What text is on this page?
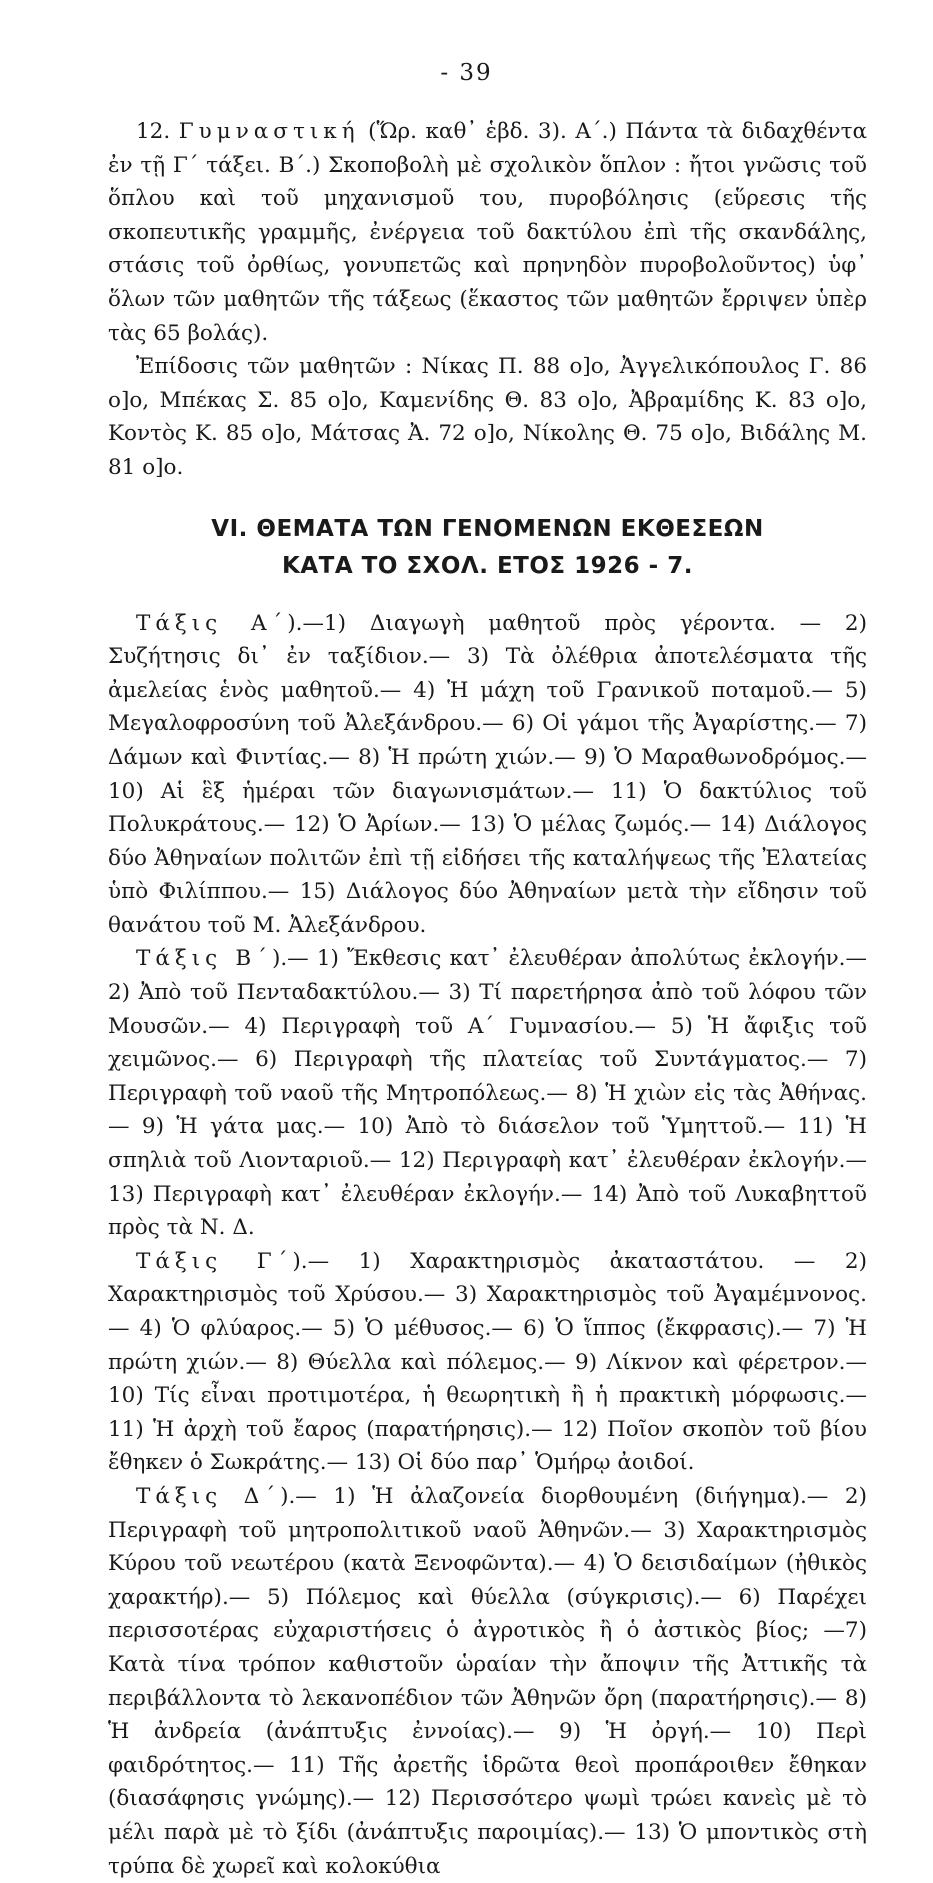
- 39

12. Γυμναστική (Ὥρ. καθ᾽ ἑβδ. 3). Α΄.) Πάντα τὰ διδαχθέντα ἐν τῇ Γ΄ τάξει. Β΄.) Σκοποβολὴ μὲ σχολικὸν ὅπλον : ἤτοι γνῶσις τοῦ ὅπλου καὶ τοῦ μηχανισμοῦ του, πυροβόλησις (εὕρεσις τῆς σκοπευτικῆς γραμμῆς, ἐνέργεια τοῦ δακτύλου ἐπὶ τῆς σκανδάλης, στάσις τοῦ ὀρθίως, γονυπετῶς καὶ πρηνηδὸν πυροβολοῦντος) ὑφ᾽ ὅλων τῶν μαθητῶν τῆς τάξεως (ἕκαστος τῶν μαθητῶν ἔρριψεν ὑπὲρ τὰς 65 βολάς).

Ἐπίδοσις τῶν μαθητῶν : Νίκας Π. 88 ο]ο, Ἀγγελικόπουλος Γ. 86 ο]ο, Μπέκας Σ. 85 ο]ο, Καμενίδης Θ. 83 ο]ο, Ἀβραμίδης Κ. 83 ο]ο, Κοντὸς Κ. 85 ο]ο, Μάτσας Ἀ. 72 ο]ο, Νίκολης Θ. 75 ο]ο, Βιδάλης Μ. 81 ο]ο.

VI. ΘΕΜΑΤΑ ΤΩΝ ΓΕΝΟΜΕΝΩΝ ΕΚΘΕΣΕΩΝ
ΚΑΤΑ ΤΟ ΣΧΟΛ. ΕΤΟΣ 1926 - 7.

Τάξις Α΄).—1) Διαγωγὴ μαθητοῦ πρὸς γέροντα. — 2) Συζήτησις δι᾽ ἐν ταξίδιον.— 3) Τὰ ὀλέθρια ἀποτελέσματα τῆς ἀμελείας ἑνὸς μαθητοῦ.— 4) Ἡ μάχη τοῦ Γρανικοῦ ποταμοῦ.— 5) Μεγαλοφροσύνη τοῦ Ἀλεξάνδρου.— 6) Οἱ γάμοι τῆς Ἀγαρίστης.— 7) Δάμων καὶ Φιντίας.— 8) Ἡ πρώτη χιών.— 9) Ὁ Μαραθωνοδρόμος.— 10) Αἱ ἓξ ἡμέραι τῶν διαγωνισμάτων.— 11) Ὁ δακτύλιος τοῦ Πολυκράτους.— 12) Ὁ Ἀρίων.— 13) Ὁ μέλας ζωμός.— 14) Διάλογος δύο Ἀθηναίων πολιτῶν ἐπὶ τῇ εἰδήσει τῆς καταλήψεως τῆς Ἐλατείας ὑπὸ Φιλίππου.— 15) Διάλογος δύο Ἀθηναίων μετὰ τὴν εἴδησιν τοῦ θανάτου τοῦ Μ. Ἀλεξάνδρου.

Τάξις Β΄).— 1) Ἔκθεσις κατ᾽ ἐλευθέραν ἀπολύτως ἐκλογήν.— 2) Ἀπὸ τοῦ Πενταδακτύλου.— 3) Τί παρετήρησα ἀπὸ τοῦ λόφου τῶν Μουσῶν.— 4) Περιγραφὴ τοῦ Α΄ Γυμνασίου.— 5) Ἡ ἄφιξις τοῦ χειμῶνος.— 6) Περιγραφὴ τῆς πλατείας τοῦ Συντάγματος.— 7) Περιγραφὴ τοῦ ναοῦ τῆς Μητροπόλεως.— 8) Ἡ χιὼν εἰς τὰς Ἀθήνας.— 9) Ἡ γάτα μας.— 10) Ἀπὸ τὸ διάσελον τοῦ Ὑμηττοῦ.— 11) Ἡ σπηλιὰ τοῦ Λιονταριοῦ.— 12) Περιγραφὴ κατ᾽ ἐλευθέραν ἐκλογήν.— 13) Περιγραφὴ κατ᾽ ἐλευθέραν ἐκλογήν.— 14) Ἀπὸ τοῦ Λυκαβηττοῦ πρὸς τὰ Ν. Δ.

Τάξις Γ΄).— 1) Χαρακτηρισμὸς ἀκαταστάτου. — 2) Χαρακτηρισμὸς τοῦ Χρύσου.— 3) Χαρακτηρισμὸς τοῦ Ἀγαμέμνονος.— 4) Ὁ φλύαρος.— 5) Ὁ μέθυσος.— 6) Ὁ ἵππος (ἔκφρασις).— 7) Ἡ πρώτη χιών.— 8) Θύελλα καὶ πόλεμος.— 9) Λίκνον καὶ φέρετρον.— 10) Τίς εἶναι προτιμοτέρα, ἡ θεωρητικὴ ἢ ἡ πρακτικὴ μόρφωσις.— 11) Ἡ ἀρχὴ τοῦ ἔαρος (παρατήρησις).— 12) Ποῖον σκοπὸν τοῦ βίου ἔθηκεν ὁ Σωκράτης.— 13) Οἱ δύο παρ᾽ Ὁμήρῳ ἀοιδοί.

Τάξις Δ΄).— 1) Ἡ ἀλαζονεία διορθουμένη (διήγημα).— 2) Περιγραφὴ τοῦ μητροπολιτικοῦ ναοῦ Ἀθηνῶν.— 3) Χαρακτηρισμὸς Κύρου τοῦ νεωτέρου (κατὰ Ξενοφῶντα).— 4) Ὁ δεισιδαίμων (ἠθικὸς χαρακτήρ).— 5) Πόλεμος καὶ θύελλα (σύγκρισις).— 6) Παρέχει περισσοτέρας εὐχαριστήσεις ὁ ἀγροτικὸς ἢ ὁ ἀστικὸς βίος; —7) Κατὰ τίνα τρόπον καθιστοῦν ὡραίαν τὴν ἄποψιν τῆς Ἀττικῆς τὰ περιβάλλοντα τὸ λεκανοπέδιον τῶν Ἀθηνῶν ὄρη (παρατήρησις).— 8) Ἡ ἀνδρεία (ἀνάπτυξις ἐννοίας).— 9) Ἡ ὀργή.— 10) Περὶ φαιδρότητος.— 11) Τῆς ἀρετῆς ἱδρῶτα θεοὶ προπάροιθεν ἔθηκαν (διασάφησις γνώμης).— 12) Περισσότερο ψωμὶ τρώει κανεὶς μὲ τὸ μέλι παρὰ μὲ τὸ ξίδι (ἀνάπτυξις παροιμίας).— 13) Ὁ μποντικὸς στὴ τρύπα δὲ χωρεῖ καὶ κολοκύθια
